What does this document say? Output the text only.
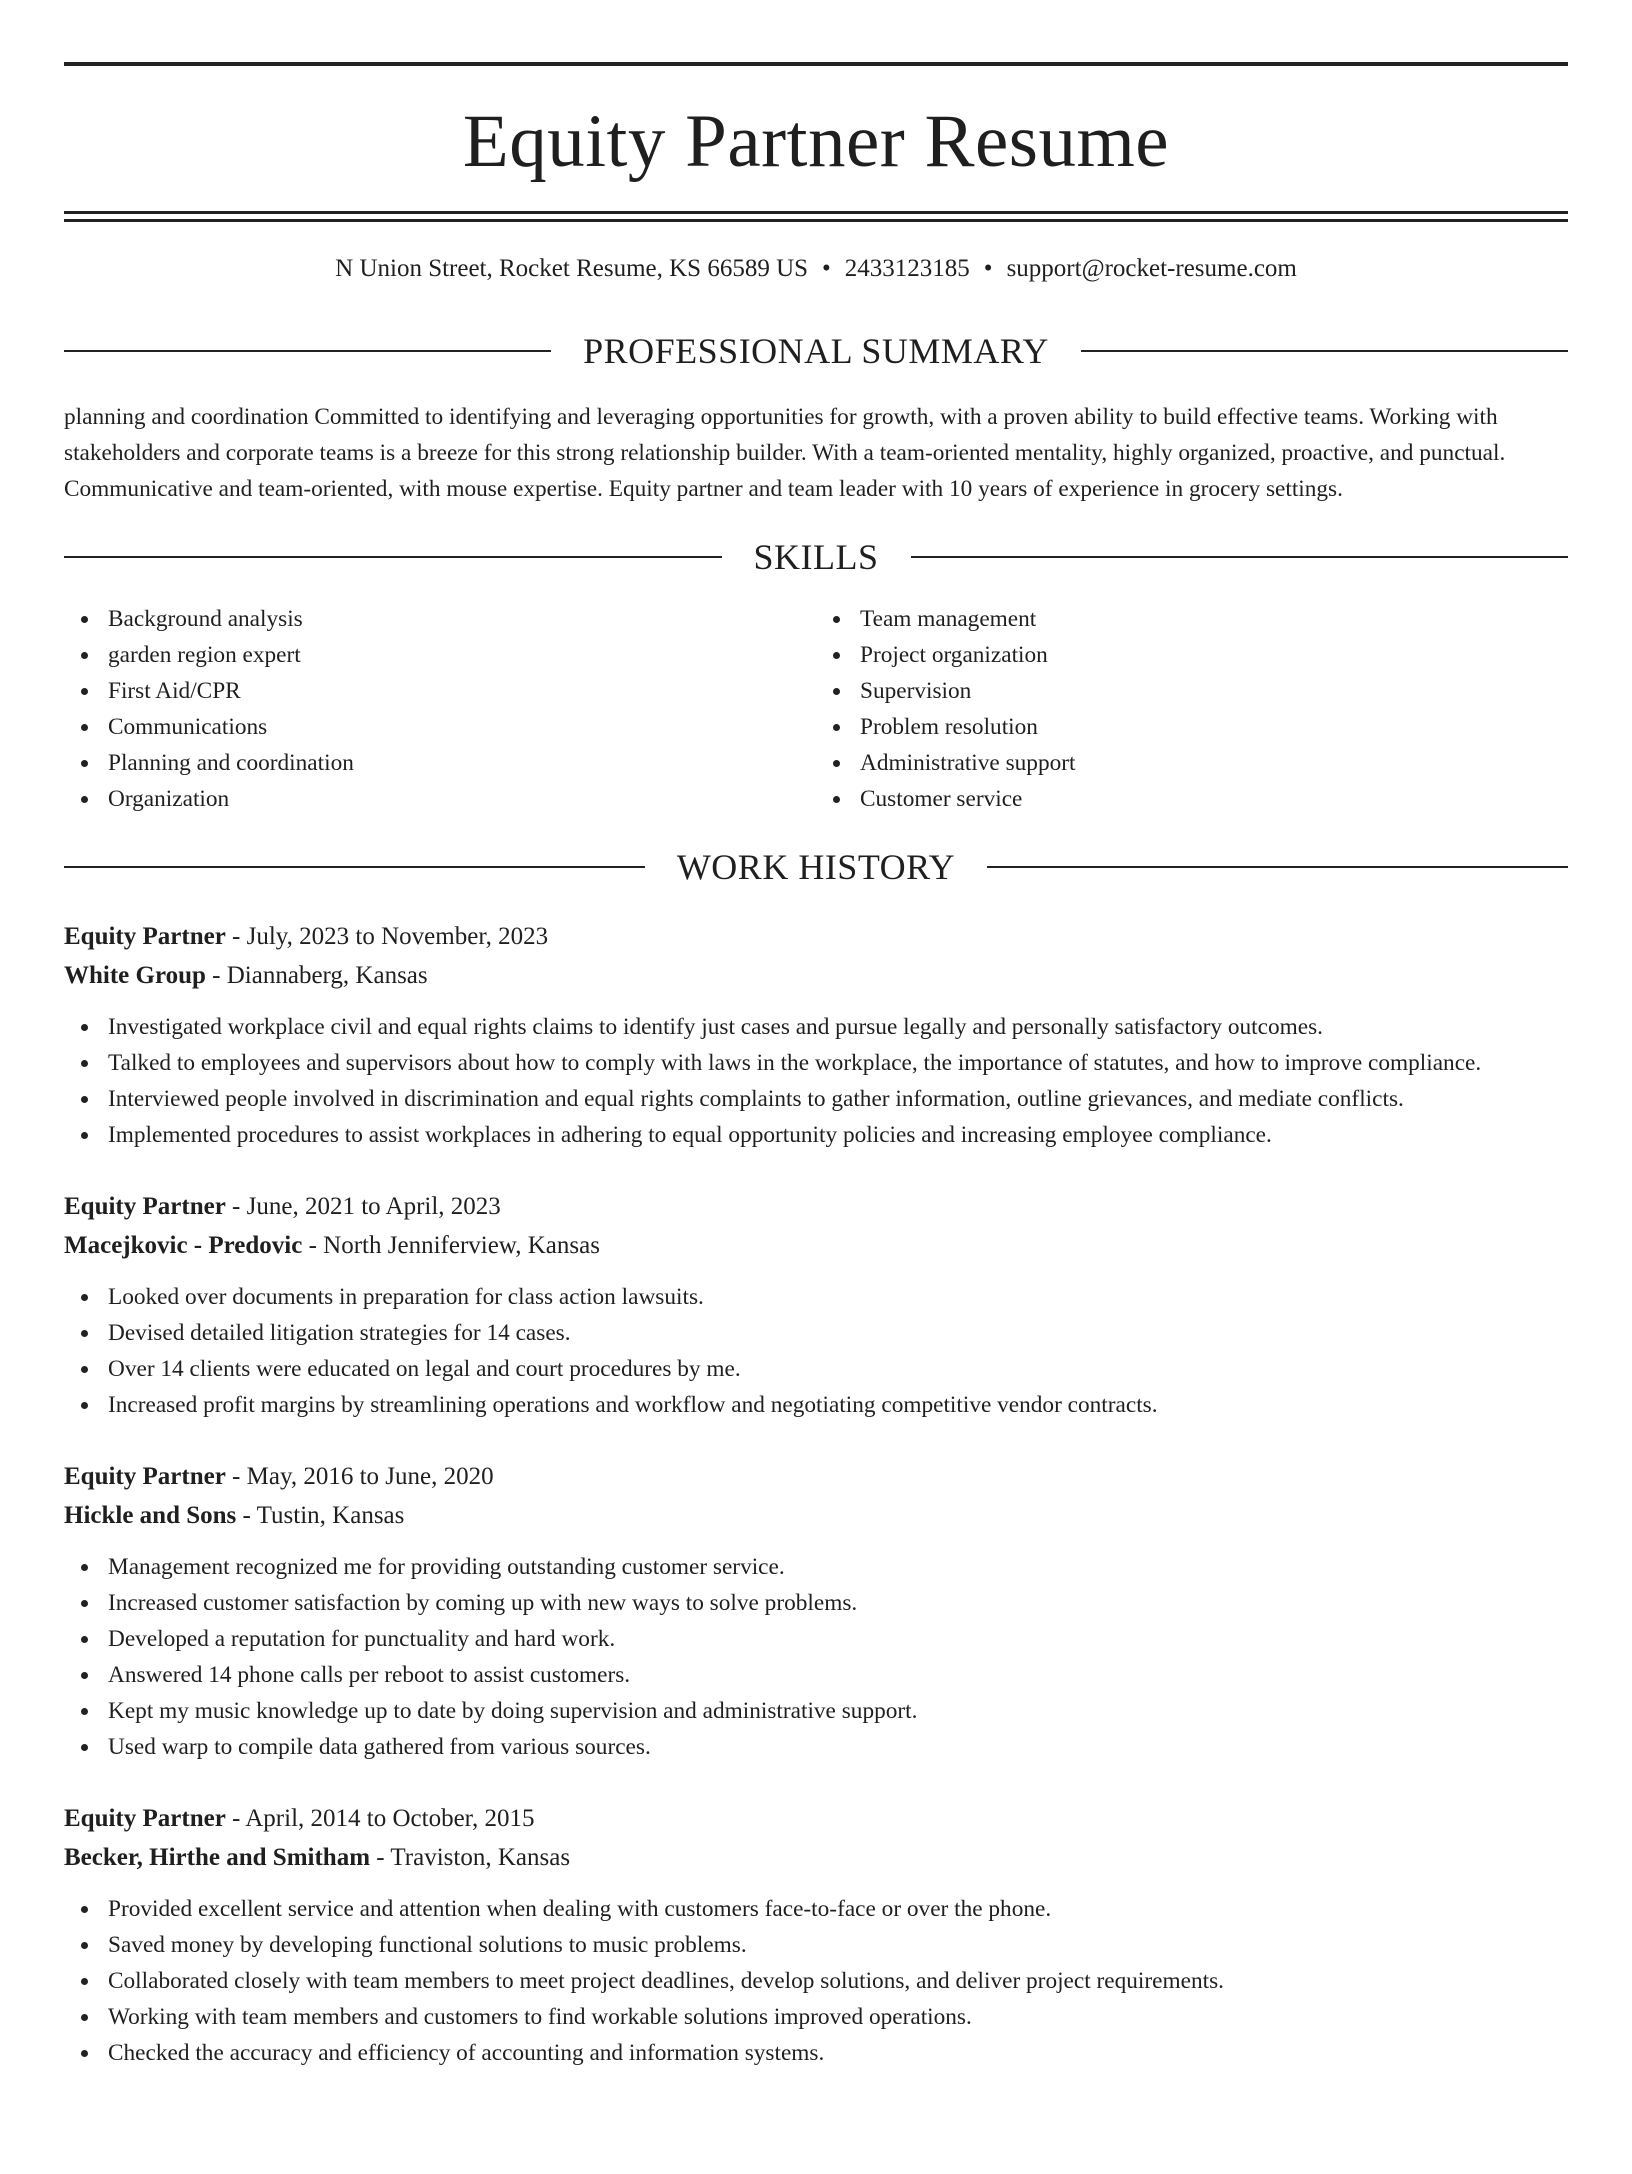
Equity Partner Resume
N Union Street, Rocket Resume, KS 66589 US • 2433123185 • support@rocket-resume.com
PROFESSIONAL SUMMARY

planning and coordination Committed to identifying and leveraging opportunities for growth, with a proven ability to build effective teams. Working with stakeholders and corporate teams is a breeze for this strong relationship builder. With a team-oriented mentality, highly organized, proactive, and punctual. Communicative and team-oriented, with mouse expertise. Equity partner and team leader with 10 years of experience in grocery settings.

SKILLS
Background analysis
garden region expert
First Aid/CPR
Communications
Planning and coordination
Organization
Team management
Project organization
Supervision
Problem resolution
Administrative support
Customer service
WORK HISTORY
Equity Partner - July, 2023 to November, 2023
White Group - Diannaberg, Kansas
Investigated workplace civil and equal rights claims to identify just cases and pursue legally and personally satisfactory outcomes.
Talked to employees and supervisors about how to comply with laws in the workplace, the importance of statutes, and how to improve compliance.
Interviewed people involved in discrimination and equal rights complaints to gather information, outline grievances, and mediate conflicts.
Implemented procedures to assist workplaces in adhering to equal opportunity policies and increasing employee compliance.
Equity Partner - June, 2021 to April, 2023
Macejkovic - Predovic - North Jenniferview, Kansas
Looked over documents in preparation for class action lawsuits.
Devised detailed litigation strategies for 14 cases.
Over 14 clients were educated on legal and court procedures by me.
Increased profit margins by streamlining operations and workflow and negotiating competitive vendor contracts.
Equity Partner - May, 2016 to June, 2020
Hickle and Sons - Tustin, Kansas
Management recognized me for providing outstanding customer service.
Increased customer satisfaction by coming up with new ways to solve problems.
Developed a reputation for punctuality and hard work.
Answered 14 phone calls per reboot to assist customers.
Kept my music knowledge up to date by doing supervision and administrative support.
Used warp to compile data gathered from various sources.
Equity Partner - April, 2014 to October, 2015
Becker, Hirthe and Smitham - Traviston, Kansas
Provided excellent service and attention when dealing with customers face-to-face or over the phone.
Saved money by developing functional solutions to music problems.
Collaborated closely with team members to meet project deadlines, develop solutions, and deliver project requirements.
Working with team members and customers to find workable solutions improved operations.
Checked the accuracy and efficiency of accounting and information systems.
